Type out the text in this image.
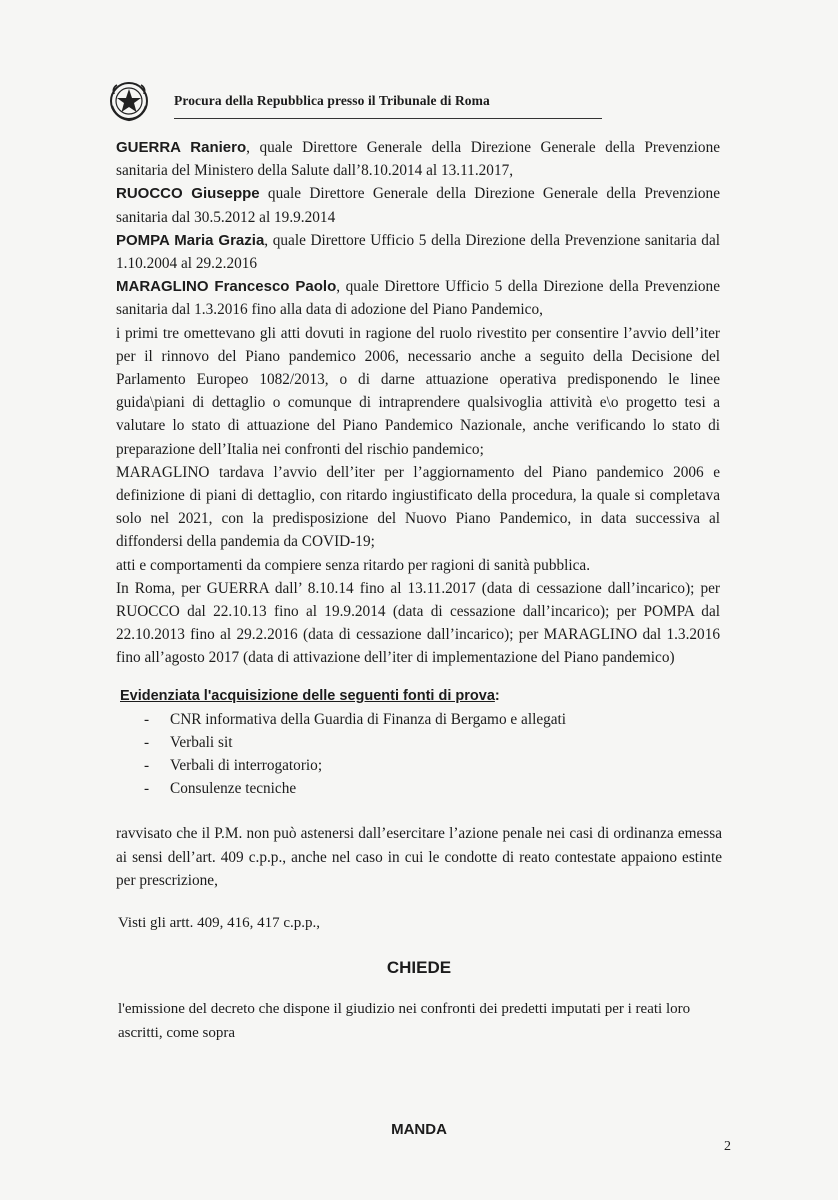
Procura della Repubblica presso il Tribunale di Roma

GUERRA Raniero, quale Direttore Generale della Direzione Generale della Prevenzione sanitaria del Ministero della Salute dall’8.10.2014 al 13.11.2017,

RUOCCO Giuseppe quale Direttore Generale della Direzione Generale della Prevenzione sanitaria dal 30.5.2012 al 19.9.2014

POMPA Maria Grazia, quale Direttore Ufficio 5 della Direzione della Prevenzione sanitaria dal 1.10.2004 al 29.2.2016

MARAGLINO Francesco Paolo, quale Direttore Ufficio 5 della Direzione della Prevenzione sanitaria dal 1.3.2016 fino alla data di adozione del Piano Pandemico,

i primi tre omettevano gli atti dovuti in ragione del ruolo rivestito per consentire l’avvio dell’iter per il rinnovo del Piano pandemico 2006, necessario anche a seguito della Decisione del Parlamento Europeo 1082/2013, o di darne attuazione operativa predisponendo le linee guida\piani di dettaglio o comunque di intraprendere qualsivoglia attività e\o progetto tesi a valutare lo stato di attuazione del Piano Pandemico Nazionale, anche verificando lo stato di preparazione dell’Italia nei confronti del rischio pandemico;

MARAGLINO tardava l’avvio dell’iter per l’aggiornamento del Piano pandemico 2006 e definizione di piani di dettaglio, con ritardo ingiustificato della procedura, la quale si completava solo nel 2021, con la predisposizione del Nuovo Piano Pandemico, in data successiva al diffondersi della pandemia da COVID-19;

atti e comportamenti da compiere senza ritardo per ragioni di sanità pubblica.

In Roma, per GUERRA dall’ 8.10.14 fino al 13.11.2017 (data di cessazione dall’incarico); per RUOCCO dal 22.10.13 fino al 19.9.2014 (data di cessazione dall’incarico); per POMPA dal 22.10.2013 fino al 29.2.2016 (data di cessazione dall’incarico); per MARAGLINO dal 1.3.2016 fino all’agosto 2017 (data di attivazione dell’iter di implementazione del Piano pandemico)

Evidenziata l'acquisizione delle seguenti fonti di prova:

- CNR informativa della Guardia di Finanza di Bergamo e allegati
- Verbali sit
- Verbali di interrogatorio;
- Consulenze tecniche

ravvisato che il P.M. non può astenersi dall’esercitare l’azione penale nei casi di ordinanza emessa ai sensi dell’art. 409 c.p.p., anche nel caso in cui le condotte di reato contestate appaiono estinte per prescrizione,

Visti gli artt. 409, 416, 417 c.p.p.,

CHIEDE

l'emissione del decreto che dispone il giudizio nei confronti dei predetti imputati per i reati loro ascritti, come sopra

MANDA

2
